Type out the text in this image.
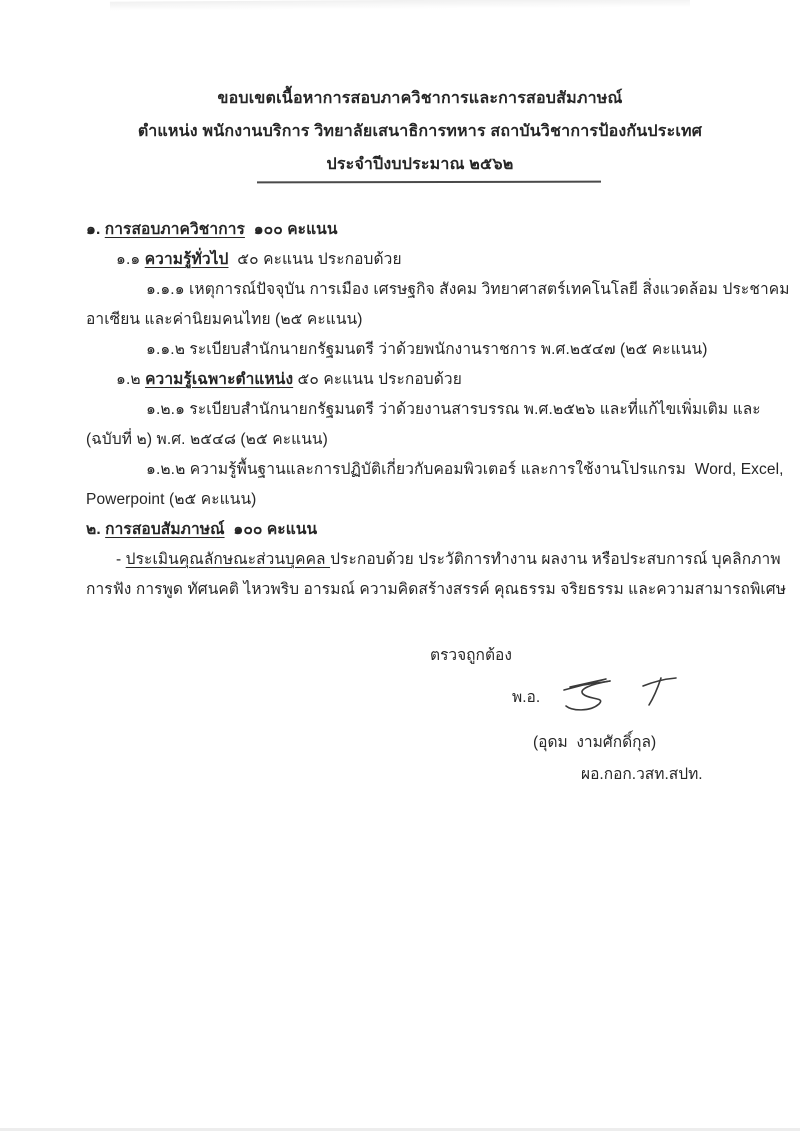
ขอบเขตเนื้อหาการสอบภาควิชาการและการสอบสัมภาษณ์
ตำแหน่ง พนักงานบริการ วิทยาลัยเสนาธิการทหาร สถาบันวิชาการป้องกันประเทศ
ประจำปีงบประมาณ ๒๕๖๒
๑. การสอบภาควิชาการ  ๑๐๐ คะแนน
๑.๑ ความรู้ทั่วไป  ๕๐ คะแนน ประกอบด้วย
๑.๑.๑ เหตุการณ์ปัจจุบัน การเมือง เศรษฐกิจ สังคม วิทยาศาสตร์เทคโนโลยี สิ่งแวดล้อม ประชาคม
อาเซียน และค่านิยมคนไทย (๒๕ คะแนน)
๑.๑.๒ ระเบียบสำนักนายกรัฐมนตรี ว่าด้วยพนักงานราชการ พ.ศ.๒๕๔๗ (๒๕ คะแนน)
๑.๒ ความรู้เฉพาะตำแหน่ง ๕๐ คะแนน ประกอบด้วย
๑.๒.๑ ระเบียบสำนักนายกรัฐมนตรี ว่าด้วยงานสารบรรณ พ.ศ.๒๕๒๖ และที่แก้ไขเพิ่มเติม และ
(ฉบับที่ ๒) พ.ศ. ๒๕๔๘ (๒๕ คะแนน)
๑.๒.๒ ความรู้พื้นฐานและการปฏิบัติเกี่ยวกับคอมพิวเตอร์ และการใช้งานโปรแกรม  Word, Excel,
Powerpoint (๒๕ คะแนน)
๒. การสอบสัมภาษณ์  ๑๐๐ คะแนน
- ประเมินคุณลักษณะส่วนบุคคล ประกอบด้วย ประวัติการทำงาน ผลงาน หรือประสบการณ์ บุคลิกภาพ
การฟัง การพูด ทัศนคติ ไหวพริบ อารมณ์ ความคิดสร้างสรรค์ คุณธรรม จริยธรรม และความสามารถพิเศษ
ตรวจถูกต้อง
พ.อ.
(อุดม  งามศักดิ์กุล)
ผอ.กอก.วสท.สปท.
